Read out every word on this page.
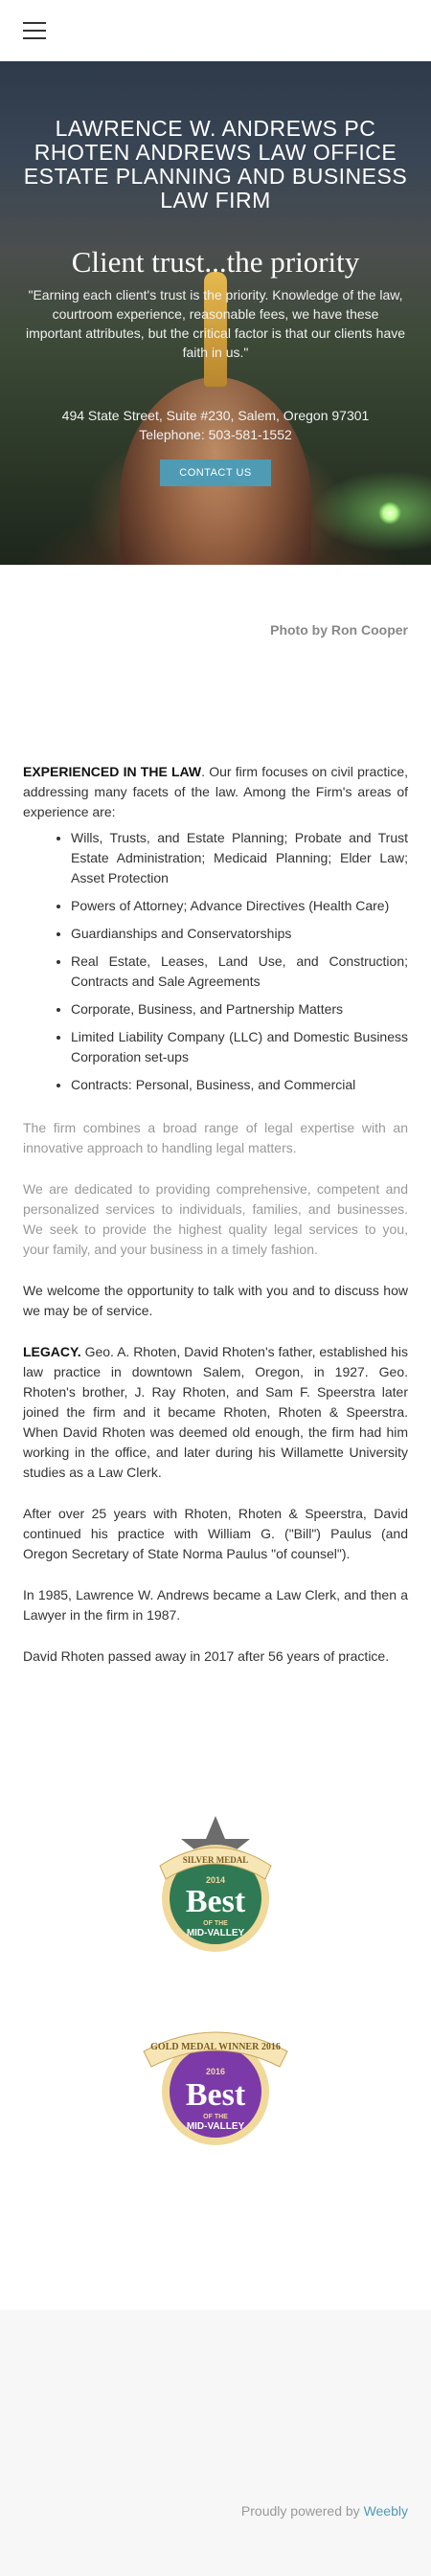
LAWRENCE W. ANDREWS PC
RHOTEN ANDREWS LAW OFFICE
ESTATE PLANNING AND BUSINESS
LAW FIRM
Client trust...the priority

"Earning each client's trust is the priority. Knowledge of the law, courtroom experience, reasonable fees, we have these important attributes, but the critical factor is that our clients have faith in us."

494 State Street, Suite #230, Salem, Oregon 97301

Telephone: 503-581-1552

CONTACT US
Photo by Ron Cooper

EXPERIENCED IN THE LAW. Our firm focuses on civil practice, addressing many facets of the law. Among the Firm's areas of experience are:

• Wills, Trusts, and Estate Planning; Probate and Trust Estate Administration; Medicaid Planning; Elder Law; Asset Protection
• Powers of Attorney; Advance Directives (Health Care)
• Guardianships and Conservatorships
• Real Estate, Leases, Land Use, and Construction; Contracts and Sale Agreements
• Corporate, Business, and Partnership Matters
• Limited Liability Company (LLC) and Domestic Business Corporation set-ups
• Contracts: Personal, Business, and Commercial

The firm combines a broad range of legal expertise with an innovative approach to handling legal matters.

We are dedicated to providing comprehensive, competent and personalized services to individuals, families, and businesses. We seek to provide the highest quality legal services to you, your family, and your business in a timely fashion.

We welcome the opportunity to talk with you and to discuss how we may be of service.

LEGACY. Geo. A. Rhoten, David Rhoten's father, established his law practice in downtown Salem, Oregon, in 1927. Geo. Rhoten's brother, J. Ray Rhoten, and Sam F. Speerstra later joined the firm and it became Rhoten, Rhoten & Speerstra. When David Rhoten was deemed old enough, the firm had him working in the office, and later during his Willamette University studies as a Law Clerk.

After over 25 years with Rhoten, Rhoten & Speerstra, David continued his practice with William G. ("Bill") Paulus (and Oregon Secretary of State Norma Paulus "of counsel").

In 1985, Lawrence W. Andrews became a Law Clerk, and then a Lawyer in the firm in 1987.

David Rhoten passed away in 2017 after 56 years of practice.

SILVER MEDAL
2014
Best
OF THE
MID-VALLEY
GOLD MEDAL WINNER 2016
2016
Best
OF THE
MID-VALLEY
Proudly powered by Weebly
